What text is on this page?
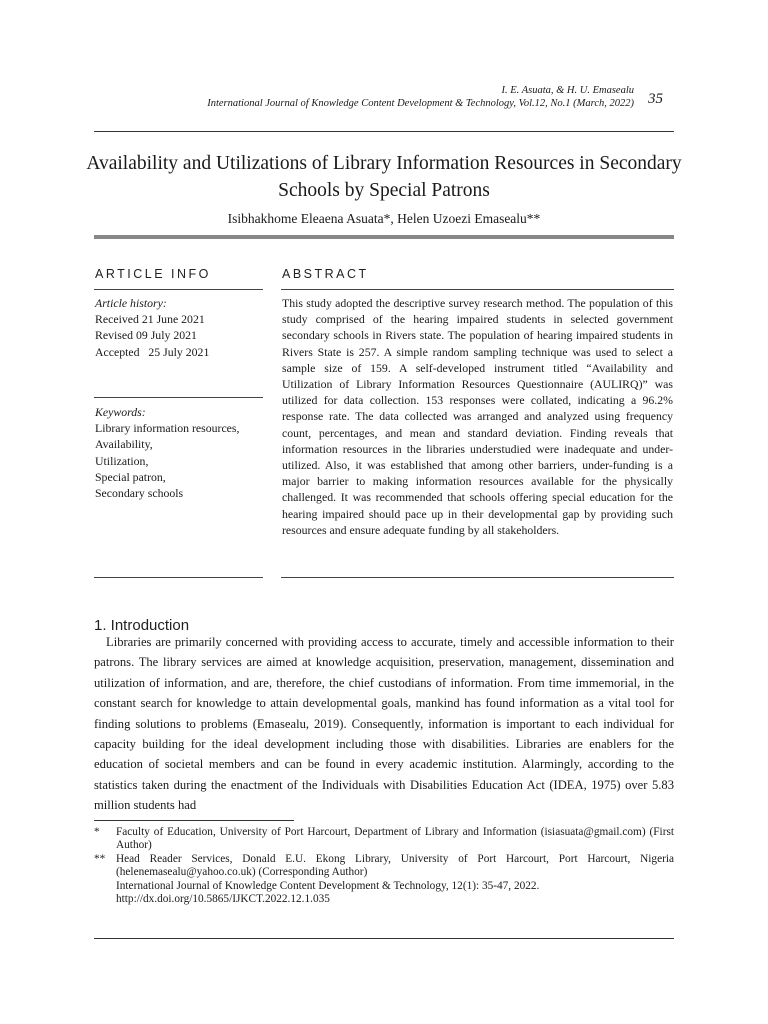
I. E. Asuata, & H. U. Emasealu
International Journal of Knowledge Content Development & Technology, Vol.12, No.1 (March, 2022) 35
Availability and Utilizations of Library Information Resources in Secondary Schools by Special Patrons
Isibhakhome Eleaena Asuata*, Helen Uzoezi Emasealu**
ARTICLE INFO	ABSTRACT
Article history:
Received 21 June 2021
Revised 09 July 2021
Accepted   25 July 2021
Keywords:
Library information resources,
Availability,
Utilization,
Special patron,
Secondary schools
This study adopted the descriptive survey research method. The population of this study comprised of the hearing impaired students in selected government secondary schools in Rivers state. The population of hearing impaired students in Rivers State is 257. A simple random sampling technique was used to select a sample size of 159. A self-developed instrument titled “Availability and Utilization of Library Information Resources Questionnaire (AULIRQ)” was utilized for data collection. 153 responses were collated, indicating a 96.2% response rate. The data collected was arranged and analyzed using frequency count, percentages, and mean and standard deviation. Finding reveals that information resources in the libraries understudied were inadequate and under-utilized. Also, it was established that among other barriers, under-funding is a major barrier to making information resources available for the physically challenged. It was recommended that schools offering special education for the hearing impaired should pace up in their developmental gap by providing such resources and ensure adequate funding by all stakeholders.
1. Introduction

Libraries are primarily concerned with providing access to accurate, timely and accessible information to their patrons. The library services are aimed at knowledge acquisition, preservation, management, dissemination and utilization of information, and are, therefore, the chief custodians of information. From time immemorial, in the constant search for knowledge to attain developmental goals, mankind has found information as a vital tool for finding solutions to problems (Emasealu, 2019). Consequently, information is important to each individual for capacity building for the ideal development including those with disabilities. Libraries are enablers for the education of societal members and can be found in every academic institution. Alarmingly, according to the statistics taken during the enactment of the Individuals with Disabilities Education Act (IDEA, 1975) over 5.83 million students had

*	Faculty of Education, University of Port Harcourt, Department of Library and Information (isiasuata@gmail.com) (First Author)
** Head Reader Services, Donald E.U. Ekong Library, University of Port Harcourt, Port Harcourt, Nigeria (helenemasealu@yahoo.co.uk) (Corresponding Author)
International Journal of Knowledge Content Development & Technology, 12(1): 35-47, 2022.
http://dx.doi.org/10.5865/IJKCT.2022.12.1.035
